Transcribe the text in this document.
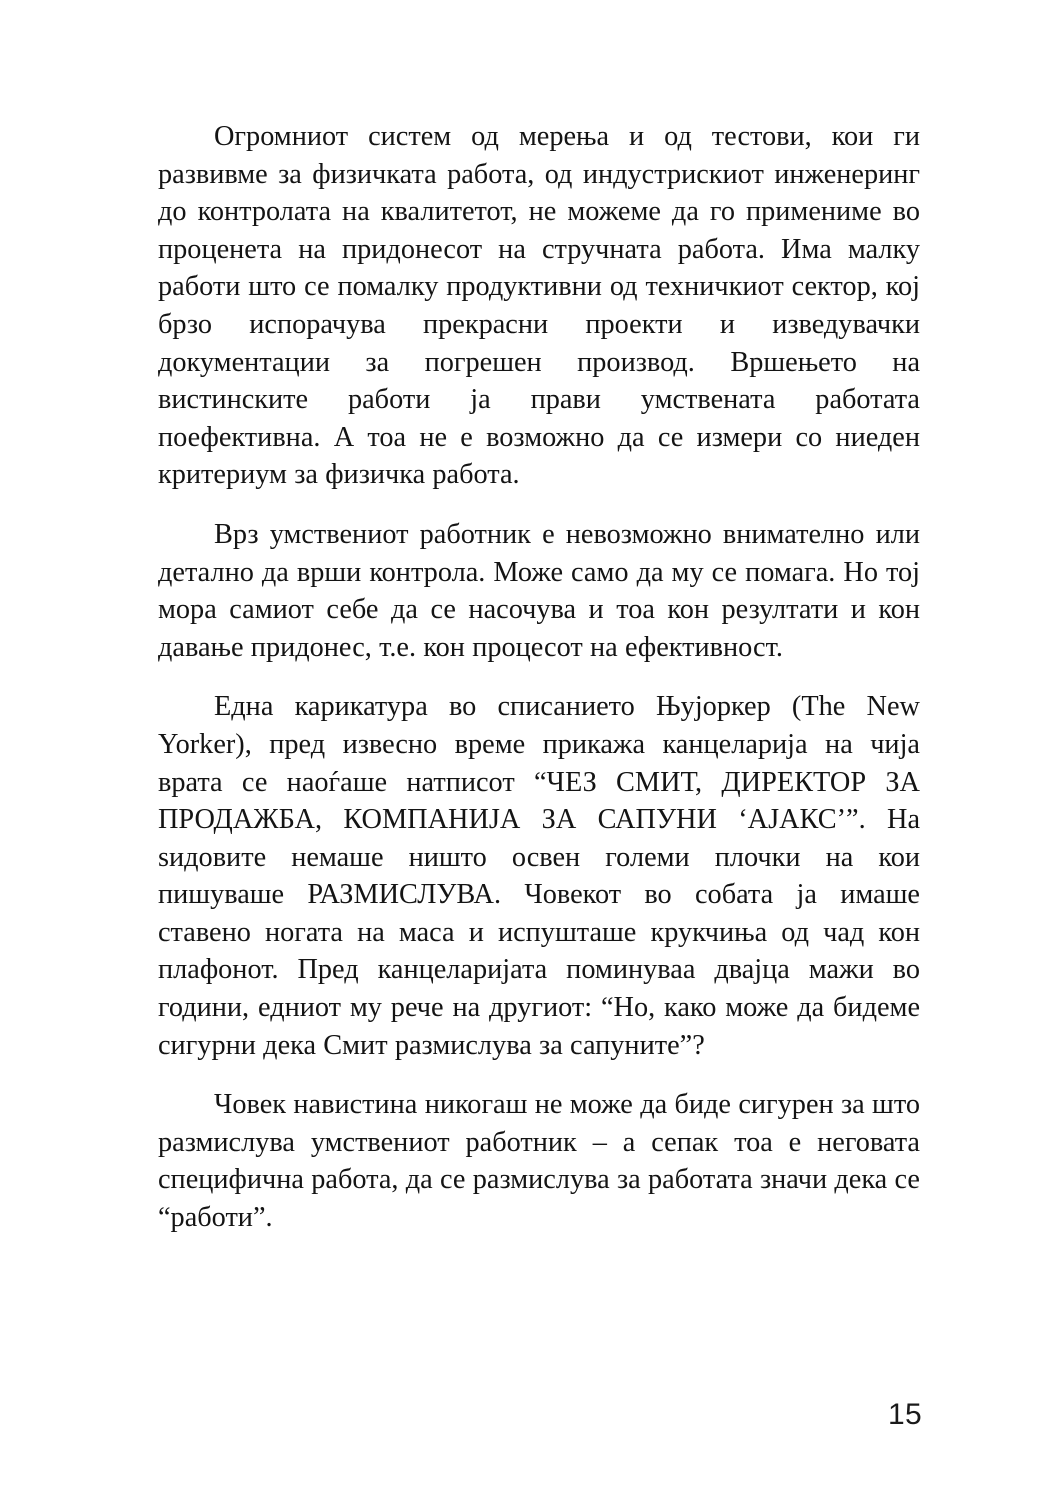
Огромниот систем од мерења и од тестови, кои ги развивме за физичката работа, од индустрискиот инженеринг до контролата на квалитетот, не можеме да го примениме во проценета на придонесот на стручната работа. Има малку работи што се помалку продуктивни од техничкиот сектор, кој брзо испорачува прекрасни проекти и изведувачки документации за погрешен производ. Вршењето на вистинските работи ја прави умствената работата поефективна. А тоа не е возможно да се измери со ниеден критериум за физичка работа.

Врз умствениот работник е невозможно внимателно или детално да врши контрола. Може само да му се помага. Но тој мора самиот себе да се насочува и тоа кон резултати и кон давање придонес, т.е. кон процесот на ефективност.

Една карикатура во списанието Њујоркер (The New Yorker), пред извесно време прикажа канцеларија на чија врата се наоѓаше натписот “ЧЕЗ СМИТ, ДИРЕКТОР ЗА ПРОДАЖБА, КОМПАНИЈА ЗА САПУНИ ‘АЈАКС’”. На sидовите немаше ништо освен големи плочки на кои пишуваше РАЗМИСЛУВА. Човекот во собата ја имаше ставено ногата на маса и испушташе крукчиња од чад кон плафонот. Пред канцеларијата поминуваа двајца мажи во години, едниот му рече на другиот: “Но, како може да бидеме сигурни дека Смит размислува за сапуните”?

Човек навистина никогаш не може да биде сигурен за што размислува умствениот работник – а сепак тоа е неговата специфична работа, да се размислува за работата значи дека се “работи”.

15
